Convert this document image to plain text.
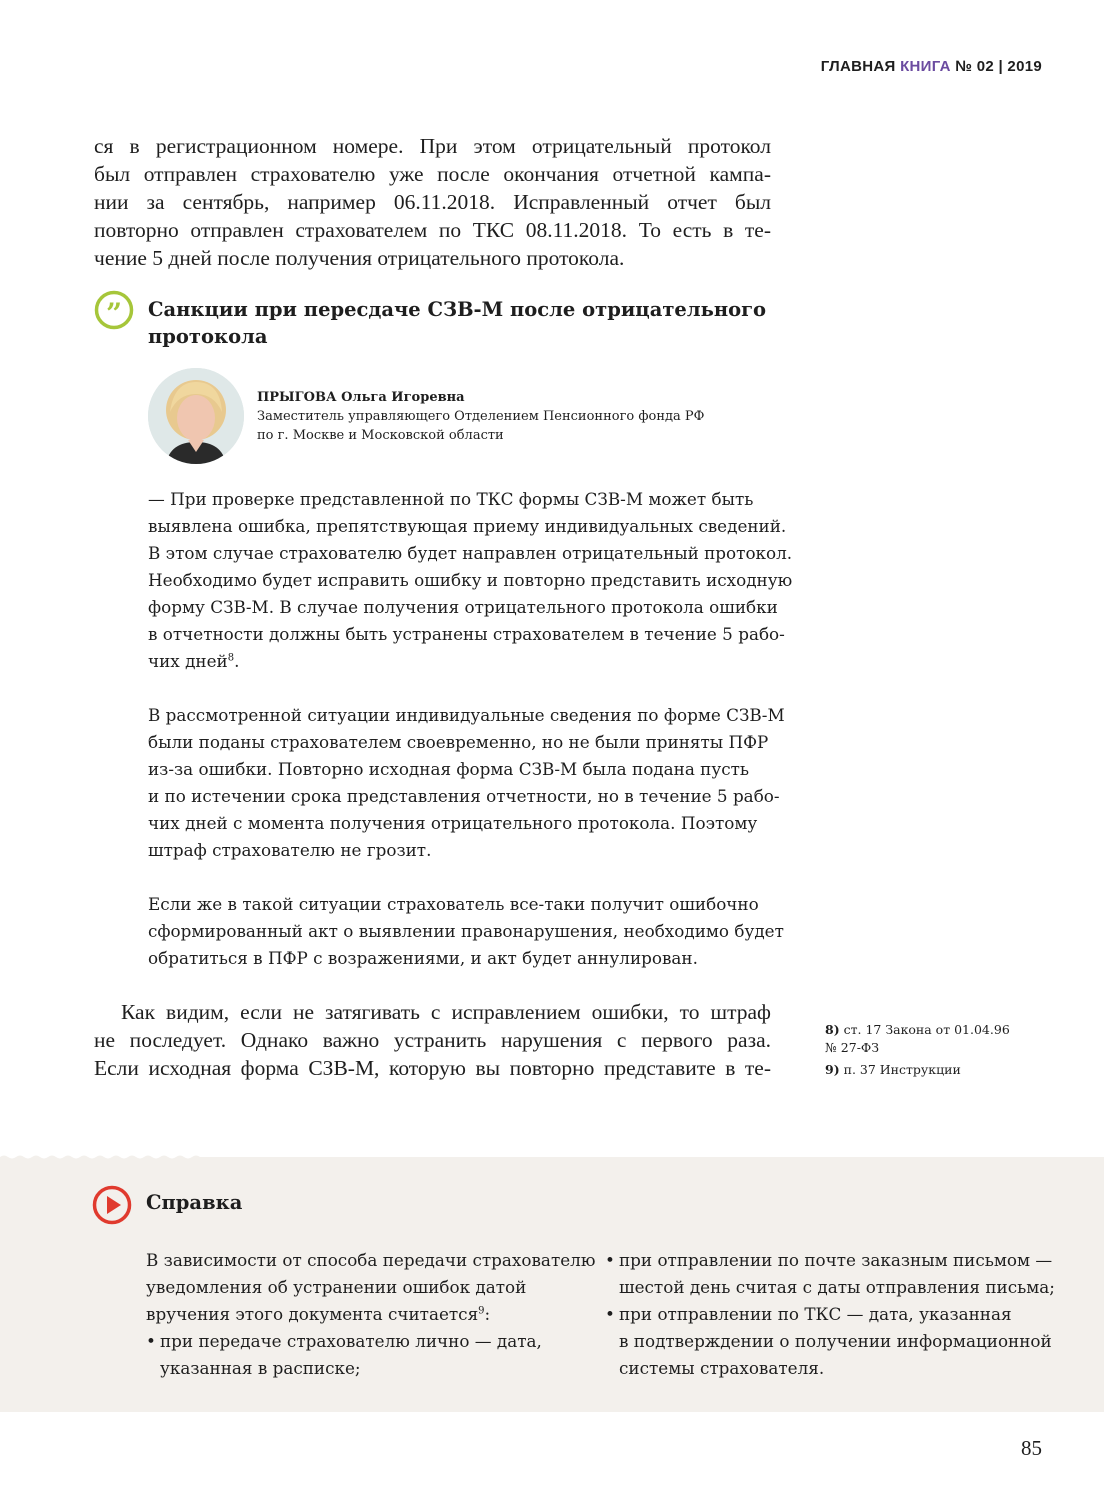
ГЛАВНАЯ КНИГА № 02 | 2019
ся в регистрационном номере. При этом отрицательный протокол
был отправлен страхователю уже после окончания отчетной кампа-
нии за сентябрь, например 06.11.2018. Исправленный отчет был
повторно отправлен страхователем по ТКС 08.11.2018. То есть в те-
чение 5 дней после получения отрицательного протокола.
” Санкции при пересдаче СЗВ-М после отрицательного протокола
ПРЫГОВА Ольга Игоревна
Заместитель управляющего Отделением Пенсионного фонда РФ
по г. Москве и Московской области

— При проверке представленной по ТКС формы СЗВ-М может быть
выявлена ошибка, препятствующая приему индивидуальных сведений.
В этом случае страхователю будет направлен отрицательный протокол.
Необходимо будет исправить ошибку и повторно представить исходную
форму СЗВ-М. В случае получения отрицательного протокола ошибки
в отчетности должны быть устранены страхователем в течение 5 рабо-
чих дней$^8$.

В рассмотренной ситуации индивидуальные сведения по форме СЗВ-М
были поданы страхователем своевременно, но не были приняты ПФР
из-за ошибки. Повторно исходная форма СЗВ-М была подана пусть
и по истечении срока представления отчетности, но в течение 5 рабо-
чих дней с момента получения отрицательного протокола. Поэтому
штраф страхователю не грозит.

Если же в такой ситуации страхователь все-таки получит ошибочно
сформированный акт о выявлении правонарушения, необходимо будет
обратиться в ПФР с возражениями, и акт будет аннулирован.

Как видим, если не затягивать с исправлением ошибки, то штраф
не последует. Однако важно устранить нарушения с первого раза.
Если исходная форма СЗВ-М, которую вы повторно представите в те-
8) ст. 17 Закона от 01.04.96
№ 27-ФЗ
9) п. 37 Инструкции
Справка
В зависимости от способа передачи страхователю
уведомления об устранении ошибок датой
вручения этого документа считается$^9$:
• при передаче страхователю лично — дата,
указанная в расписке;
• при отправлении по почте заказным письмом —
шестой день считая с даты отправления письма;
• при отправлении по ТКС — дата, указанная
в подтверждении о получении информационной
системы страхователя.
85
